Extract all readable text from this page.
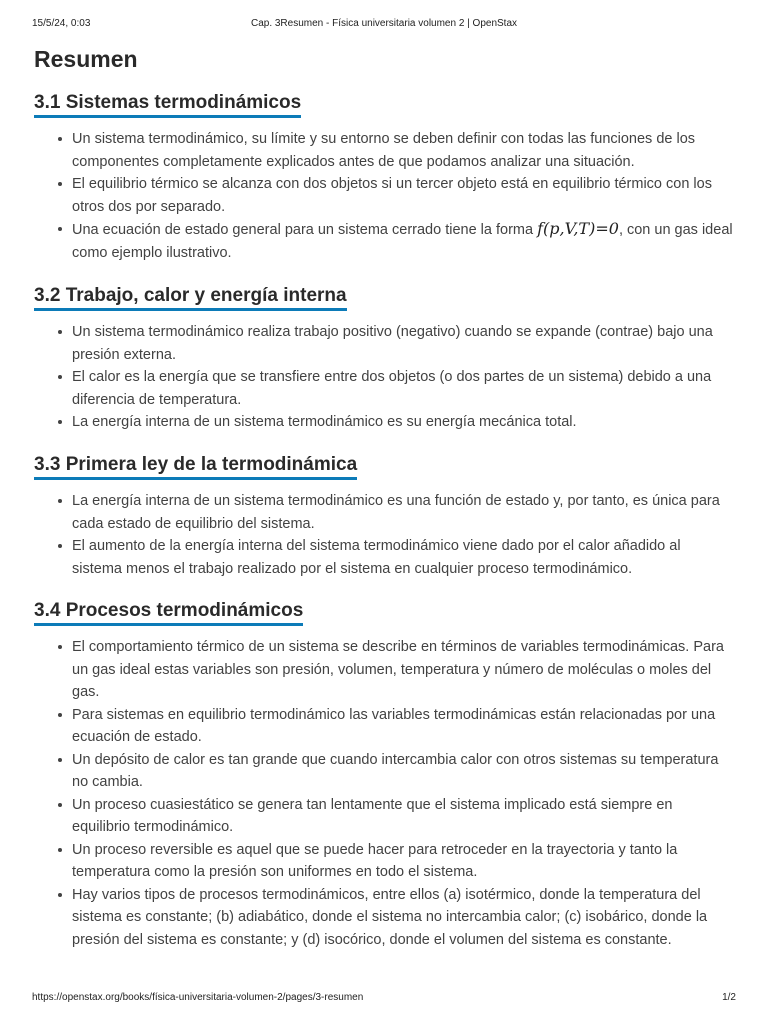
15/5/24, 0:03	Cap. 3Resumen - Física universitaria volumen 2 | OpenStax
Resumen
3.1 Sistemas termodinámicos
Un sistema termodinámico, su límite y su entorno se deben definir con todas las funciones de los componentes completamente explicados antes de que podamos analizar una situación.
El equilibrio térmico se alcanza con dos objetos si un tercer objeto está en equilibrio térmico con los otros dos por separado.
Una ecuación de estado general para un sistema cerrado tiene la forma f(p,V,T)=0, con un gas ideal como ejemplo ilustrativo.
3.2 Trabajo, calor y energía interna
Un sistema termodinámico realiza trabajo positivo (negativo) cuando se expande (contrae) bajo una presión externa.
El calor es la energía que se transfiere entre dos objetos (o dos partes de un sistema) debido a una diferencia de temperatura.
La energía interna de un sistema termodinámico es su energía mecánica total.
3.3 Primera ley de la termodinámica
La energía interna de un sistema termodinámico es una función de estado y, por tanto, es única para cada estado de equilibrio del sistema.
El aumento de la energía interna del sistema termodinámico viene dado por el calor añadido al sistema menos el trabajo realizado por el sistema en cualquier proceso termodinámico.
3.4 Procesos termodinámicos
El comportamiento térmico de un sistema se describe en términos de variables termodinámicas. Para un gas ideal estas variables son presión, volumen, temperatura y número de moléculas o moles del gas.
Para sistemas en equilibrio termodinámico las variables termodinámicas están relacionadas por una ecuación de estado.
Un depósito de calor es tan grande que cuando intercambia calor con otros sistemas su temperatura no cambia.
Un proceso cuasiestático se genera tan lentamente que el sistema implicado está siempre en equilibrio termodinámico.
Un proceso reversible es aquel que se puede hacer para retroceder en la trayectoria y tanto la temperatura como la presión son uniformes en todo el sistema.
Hay varios tipos de procesos termodinámicos, entre ellos (a) isotérmico, donde la temperatura del sistema es constante; (b) adiabático, donde el sistema no intercambia calor; (c) isobárico, donde la presión del sistema es constante; y (d) isocórico, donde el volumen del sistema es constante.
https://openstax.org/books/física-universitaria-volumen-2/pages/3-resumen	1/2
